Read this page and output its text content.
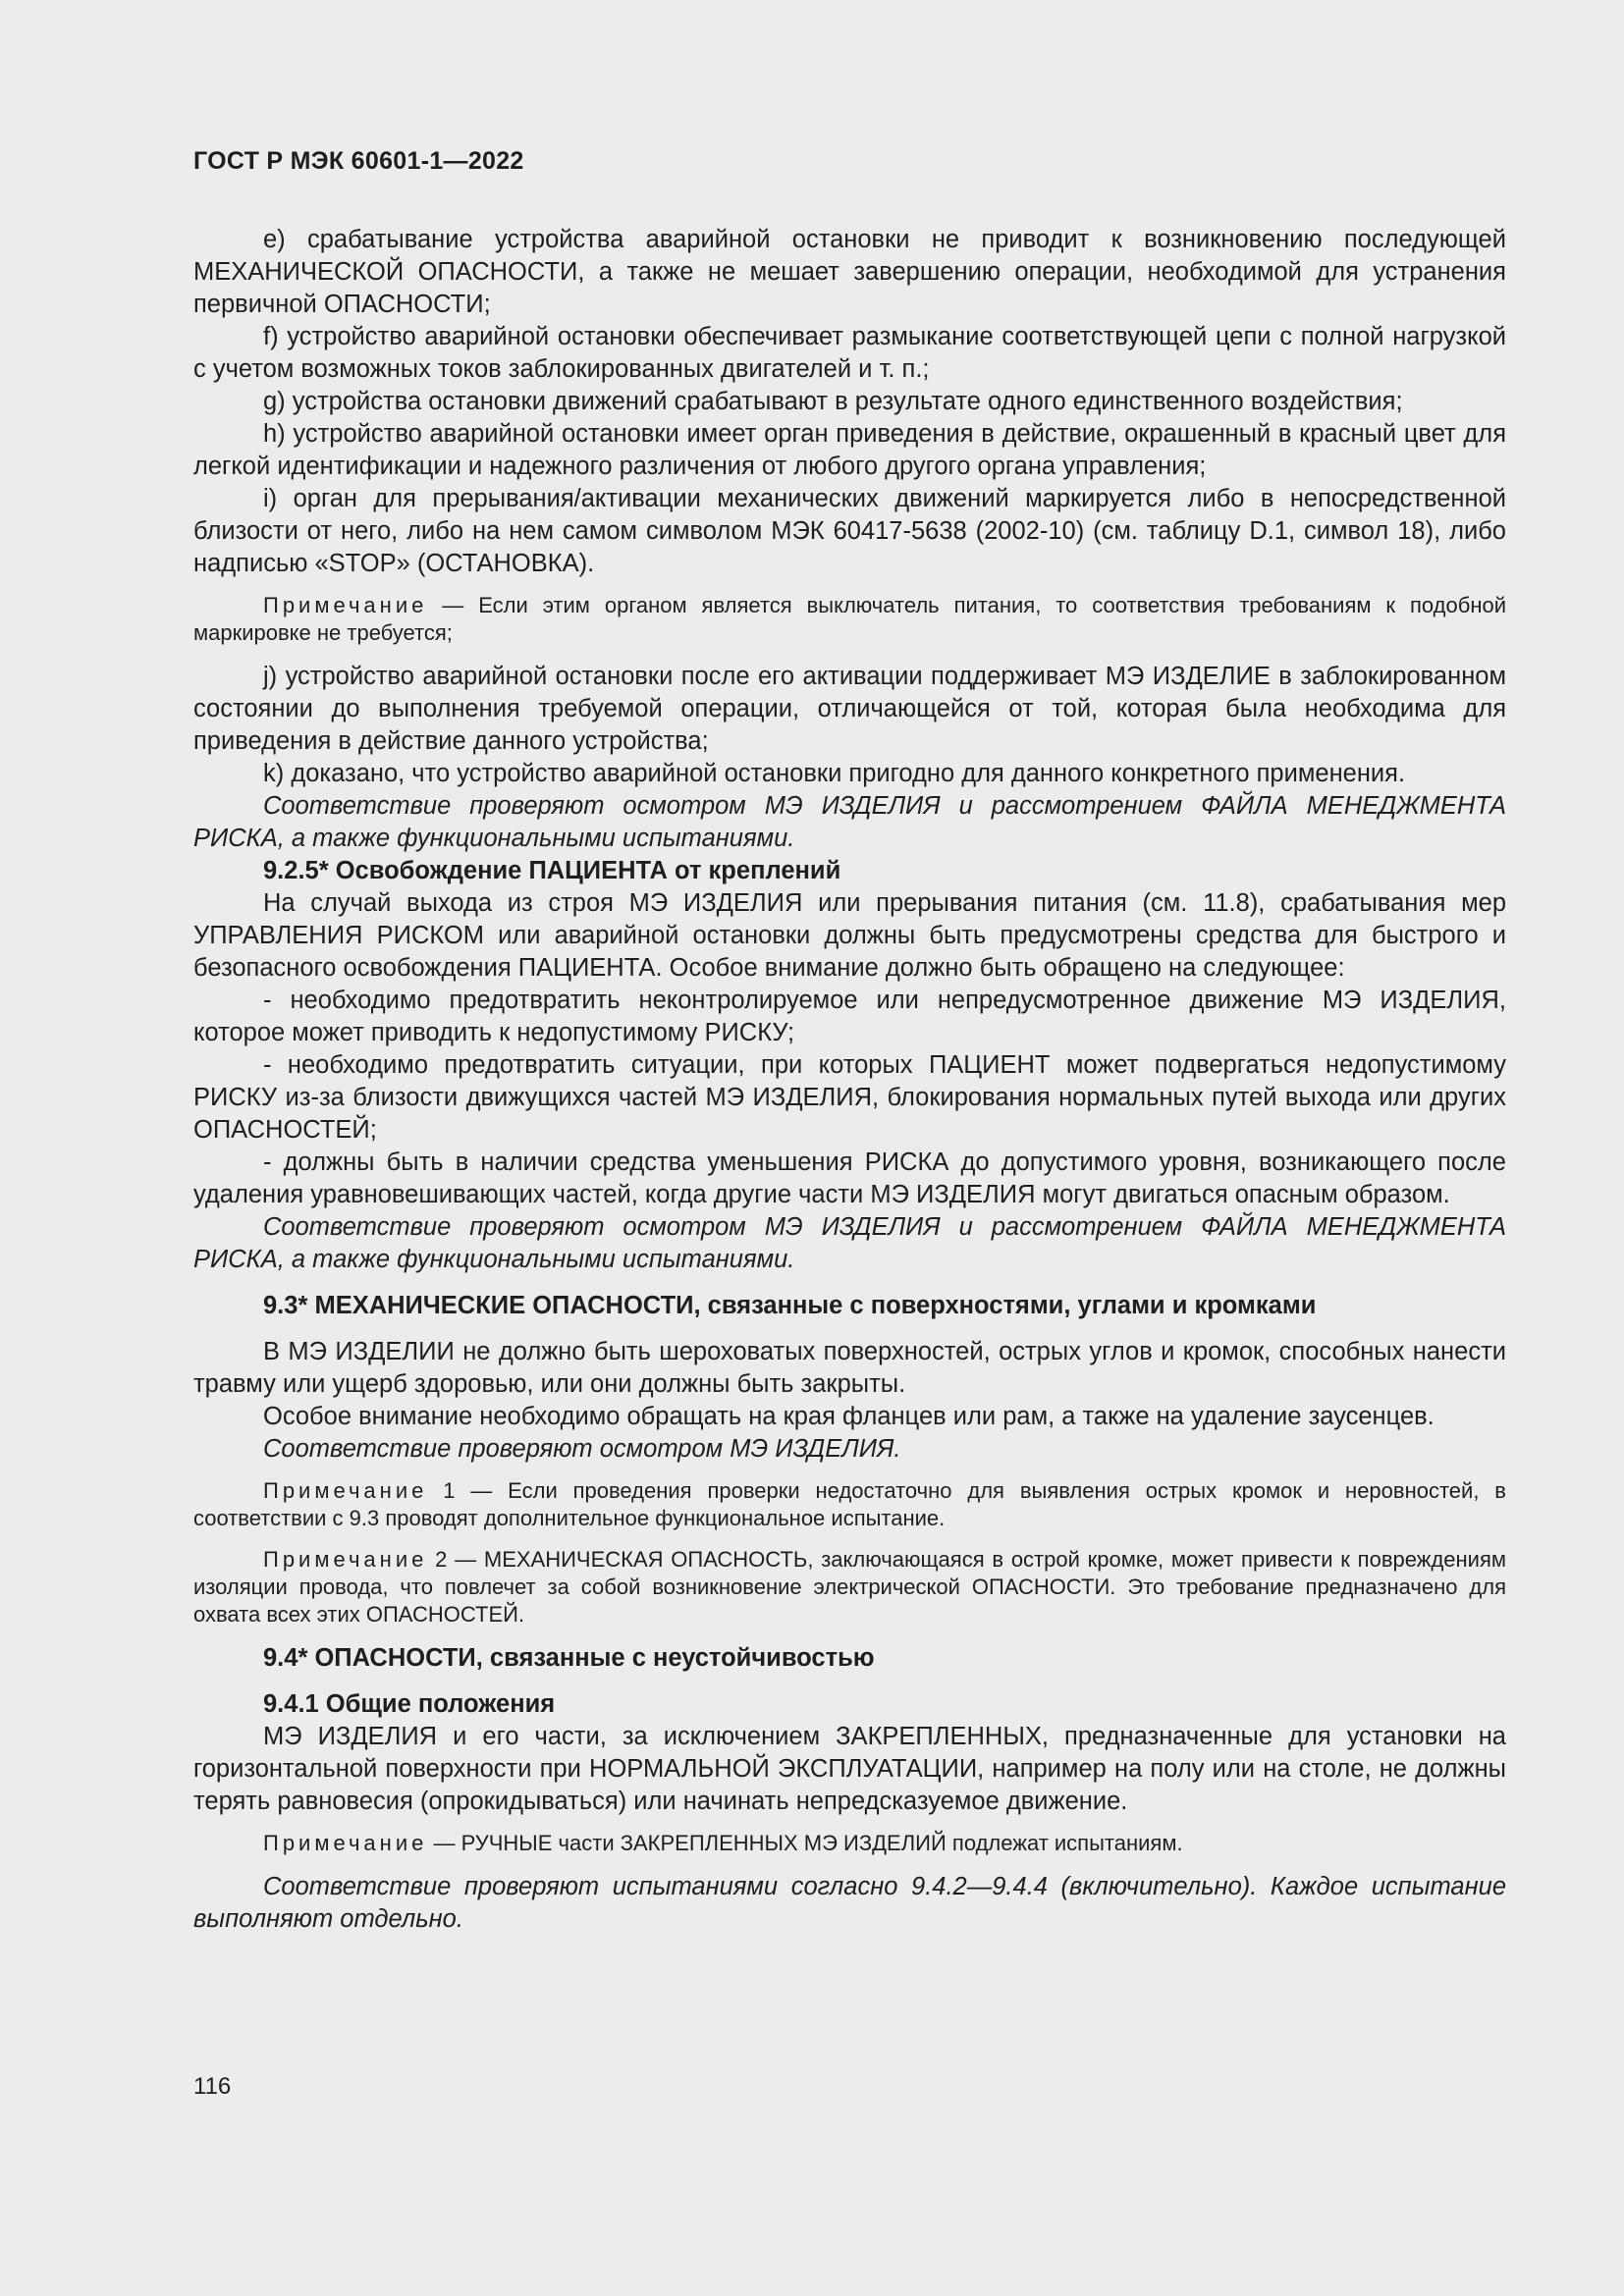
ГОСТ Р МЭК 60601-1—2022

е) срабатывание устройства аварийной остановки не приводит к возникновению последующей МЕХАНИЧЕСКОЙ ОПАСНОСТИ, а также не мешает завершению операции, необходимой для устранения первичной ОПАСНОСТИ;

f) устройство аварийной остановки обеспечивает размыкание соответствующей цепи с полной нагрузкой с учетом возможных токов заблокированных двигателей и т. п.;

g) устройства остановки движений срабатывают в результате одного единственного воздействия;

h) устройство аварийной остановки имеет орган приведения в действие, окрашенный в красный цвет для легкой идентификации и надежного различения от любого другого органа управления;

i) орган для прерывания/активации механических движений маркируется либо в непосредственной близости от него, либо на нем самом символом МЭК 60417-5638 (2002-10) (см. таблицу D.1, символ 18), либо надписью «STOP» (ОСТАНОВКА).

Примечание — Если этим органом является выключатель питания, то соответствия требованиям к подобной маркировке не требуется;

j) устройство аварийной остановки после его активации поддерживает МЭ ИЗДЕЛИЕ в заблокированном состоянии до выполнения требуемой операции, отличающейся от той, которая была необходима для приведения в действие данного устройства;

k) доказано, что устройство аварийной остановки пригодно для данного конкретного применения.

Соответствие проверяют осмотром МЭ ИЗДЕЛИЯ и рассмотрением ФАЙЛА МЕНЕДЖМЕНТА РИСКА, а также функциональными испытаниями.

9.2.5* Освобождение ПАЦИЕНТА от креплений

На случай выхода из строя МЭ ИЗДЕЛИЯ или прерывания питания (см. 11.8), срабатывания мер УПРАВЛЕНИЯ РИСКОМ или аварийной остановки должны быть предусмотрены средства для быстрого и безопасного освобождения ПАЦИЕНТА. Особое внимание должно быть обращено на следующее:

- необходимо предотвратить неконтролируемое или непредусмотренное движение МЭ ИЗДЕЛИЯ, которое может приводить к недопустимому РИСКУ;

- необходимо предотвратить ситуации, при которых ПАЦИЕНТ может подвергаться недопустимому РИСКУ из-за близости движущихся частей МЭ ИЗДЕЛИЯ, блокирования нормальных путей выхода или других ОПАСНОСТЕЙ;

- должны быть в наличии средства уменьшения РИСКА до допустимого уровня, возникающего после удаления уравновешивающих частей, когда другие части МЭ ИЗДЕЛИЯ могут двигаться опасным образом.

Соответствие проверяют осмотром МЭ ИЗДЕЛИЯ и рассмотрением ФАЙЛА МЕНЕДЖМЕНТА РИСКА, а также функциональными испытаниями.

9.3* МЕХАНИЧЕСКИЕ ОПАСНОСТИ, связанные с поверхностями, углами и кромками

В МЭ ИЗДЕЛИИ не должно быть шероховатых поверхностей, острых углов и кромок, способных нанести травму или ущерб здоровью, или они должны быть закрыты.

Особое внимание необходимо обращать на края фланцев или рам, а также на удаление заусенцев.

Соответствие проверяют осмотром МЭ ИЗДЕЛИЯ.

Примечание 1 — Если проведения проверки недостаточно для выявления острых кромок и неровностей, в соответствии с 9.3 проводят дополнительное функциональное испытание.

Примечание 2 — МЕХАНИЧЕСКАЯ ОПАСНОСТЬ, заключающаяся в острой кромке, может привести к повреждениям изоляции провода, что повлечет за собой возникновение электрической ОПАСНОСТИ. Это требование предназначено для охвата всех этих ОПАСНОСТЕЙ.

9.4* ОПАСНОСТИ, связанные с неустойчивостью

9.4.1 Общие положения

МЭ ИЗДЕЛИЯ и его части, за исключением ЗАКРЕПЛЕННЫХ, предназначенные для установки на горизонтальной поверхности при НОРМАЛЬНОЙ ЭКСПЛУАТАЦИИ, например на полу или на столе, не должны терять равновесия (опрокидываться) или начинать непредсказуемое движение.

Примечание — РУЧНЫЕ части ЗАКРЕПЛЕННЫХ МЭ ИЗДЕЛИЙ подлежат испытаниям.

Соответствие проверяют испытаниями согласно 9.4.2—9.4.4 (включительно). Каждое испытание выполняют отдельно.

116
